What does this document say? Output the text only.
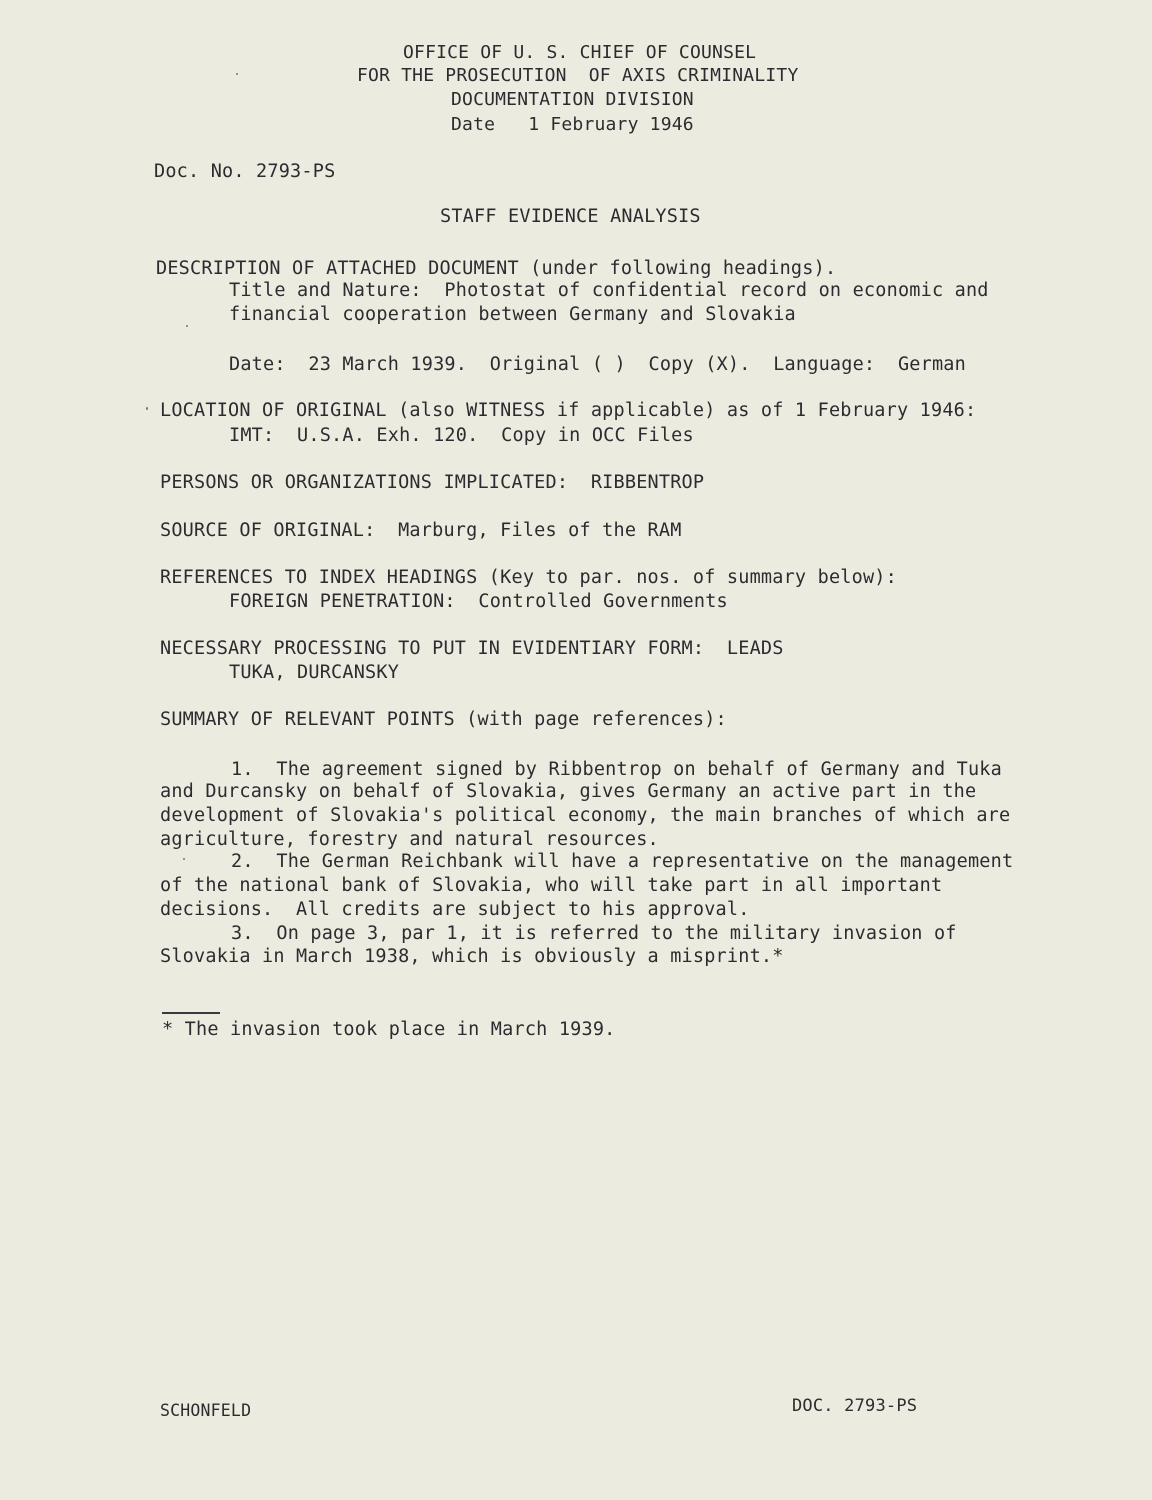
OFFICE OF U. S. CHIEF OF COUNSEL
FOR THE PROSECUTION  OF AXIS CRIMINALITY
DOCUMENTATION DIVISION
Date   1 February 1946
Doc. No. 2793-PS
STAFF EVIDENCE ANALYSIS
DESCRIPTION OF ATTACHED DOCUMENT (under following headings).
Title and Nature:  Photostat of confidential record on economic and
financial cooperation between Germany and Slovakia
Date:  23 March 1939.  Original ( )  Copy (X).  Language:  German
LOCATION OF ORIGINAL (also WITNESS if applicable) as of 1 February 1946:
IMT:  U.S.A. Exh. 120.  Copy in OCC Files
PERSONS OR ORGANIZATIONS IMPLICATED:  RIBBENTROP
SOURCE OF ORIGINAL:  Marburg, Files of the RAM
REFERENCES TO INDEX HEADINGS (Key to par. nos. of summary below):
FOREIGN PENETRATION:  Controlled Governments
NECESSARY PROCESSING TO PUT IN EVIDENTIARY FORM:  LEADS
TUKA, DURCANSKY
SUMMARY OF RELEVANT POINTS (with page references):
1.  The agreement signed by Ribbentrop on behalf of Germany and Tuka
and Durcansky on behalf of Slovakia, gives Germany an active part in the
development of Slovakia's political economy, the main branches of which are
agriculture, forestry and natural resources.
2.  The German Reichbank will have a representative on the management
of the national bank of Slovakia, who will take part in all important
decisions.  All credits are subject to his approval.
3.  On page 3, par 1, it is referred to the military invasion of
Slovakia in March 1938, which is obviously a misprint.*
* The invasion took place in March 1939.
SCHONFELD	DOC. 2793-PS
